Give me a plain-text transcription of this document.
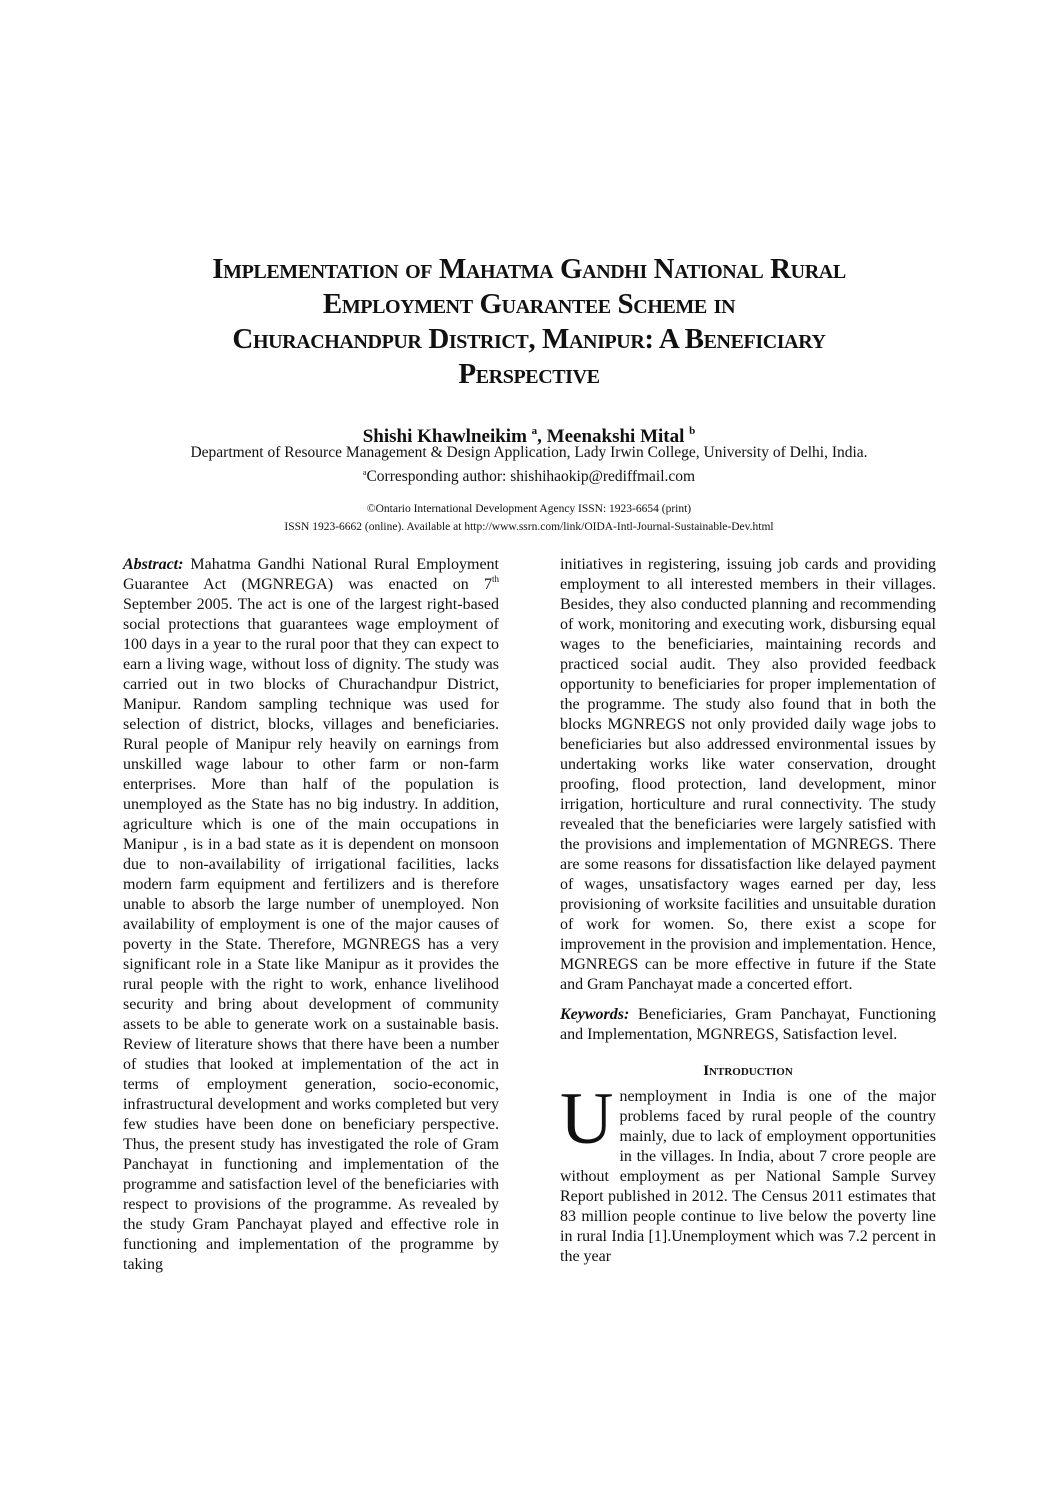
Implementation of Mahatma Gandhi National Rural
Employment Guarantee Scheme in
Churachandpur District, Manipur: A Beneficiary
Perspective
Shishi Khawlneikim $^a$, Meenakshi Mital $^b$
Department of Resource Management & Design Application, Lady Irwin College, University of Delhi, India.
$^a$Corresponding author: shishihaokip@rediffmail.com
©Ontario International Development Agency ISSN: 1923-6654 (print)
ISSN 1923-6662 (online). Available at http://www.ssrn.com/link/OIDA-Intl-Journal-Sustainable-Dev.html

Abstract: Mahatma Gandhi National Rural Employment Guarantee Act (MGNREGA) was enacted on 7th September 2005. The act is one of the largest right-based social protections that guarantees wage employment of 100 days in a year to the rural poor that they can expect to earn a living wage, without loss of dignity. The study was carried out in two blocks of Churachandpur District, Manipur. Random sampling technique was used for selection of district, blocks, villages and beneficiaries. Rural people of Manipur rely heavily on earnings from unskilled wage labour to other farm or non-farm enterprises. More than half of the population is unemployed as the State has no big industry. In addition, agriculture which is one of the main occupations in Manipur , is in a bad state as it is dependent on monsoon due to non-availability of irrigational facilities, lacks modern farm equipment and fertilizers and is therefore unable to absorb the large number of unemployed. Non availability of employment is one of the major causes of poverty in the State. Therefore, MGNREGS has a very significant role in a State like Manipur as it provides the rural people with the right to work, enhance livelihood security and bring about development of community assets to be able to generate work on a sustainable basis. Review of literature shows that there have been a number of studies that looked at implementation of the act in terms of employment generation, socio-economic, infrastructural development and works completed but very few studies have been done on beneficiary perspective. Thus, the present study has investigated the role of Gram Panchayat in functioning and implementation of the programme and satisfaction level of the beneficiaries with respect to provisions of the programme. As revealed by the study Gram Panchayat played and effective role in functioning and implementation of the programme by taking

initiatives in registering, issuing job cards and providing employment to all interested members in their villages. Besides, they also conducted planning and recommending of work, monitoring and executing work, disbursing equal wages to the beneficiaries, maintaining records and practiced social audit. They also provided feedback opportunity to beneficiaries for proper implementation of the programme. The study also found that in both the blocks MGNREGS not only provided daily wage jobs to beneficiaries but also addressed environmental issues by undertaking works like water conservation, drought proofing, flood protection, land development, minor irrigation, horticulture and rural connectivity. The study revealed that the beneficiaries were largely satisfied with the provisions and implementation of MGNREGS. There are some reasons for dissatisfaction like delayed payment of wages, unsatisfactory wages earned per day, less provisioning of worksite facilities and unsuitable duration of work for women. So, there exist a scope for improvement in the provision and implementation. Hence, MGNREGS can be more effective in future if the State and Gram Panchayat made a concerted effort.

Keywords: Beneficiaries, Gram Panchayat, Functioning and Implementation, MGNREGS, Satisfaction level.

Introduction

Unemployment in India is one of the major problems faced by rural people of the country mainly, due to lack of employment opportunities in the villages. In India, about 7 crore people are without employment as per National Sample Survey Report published in 2012. The Census 2011 estimates that 83 million people continue to live below the poverty line in rural India [1].Unemployment which was 7.2 percent in the year
